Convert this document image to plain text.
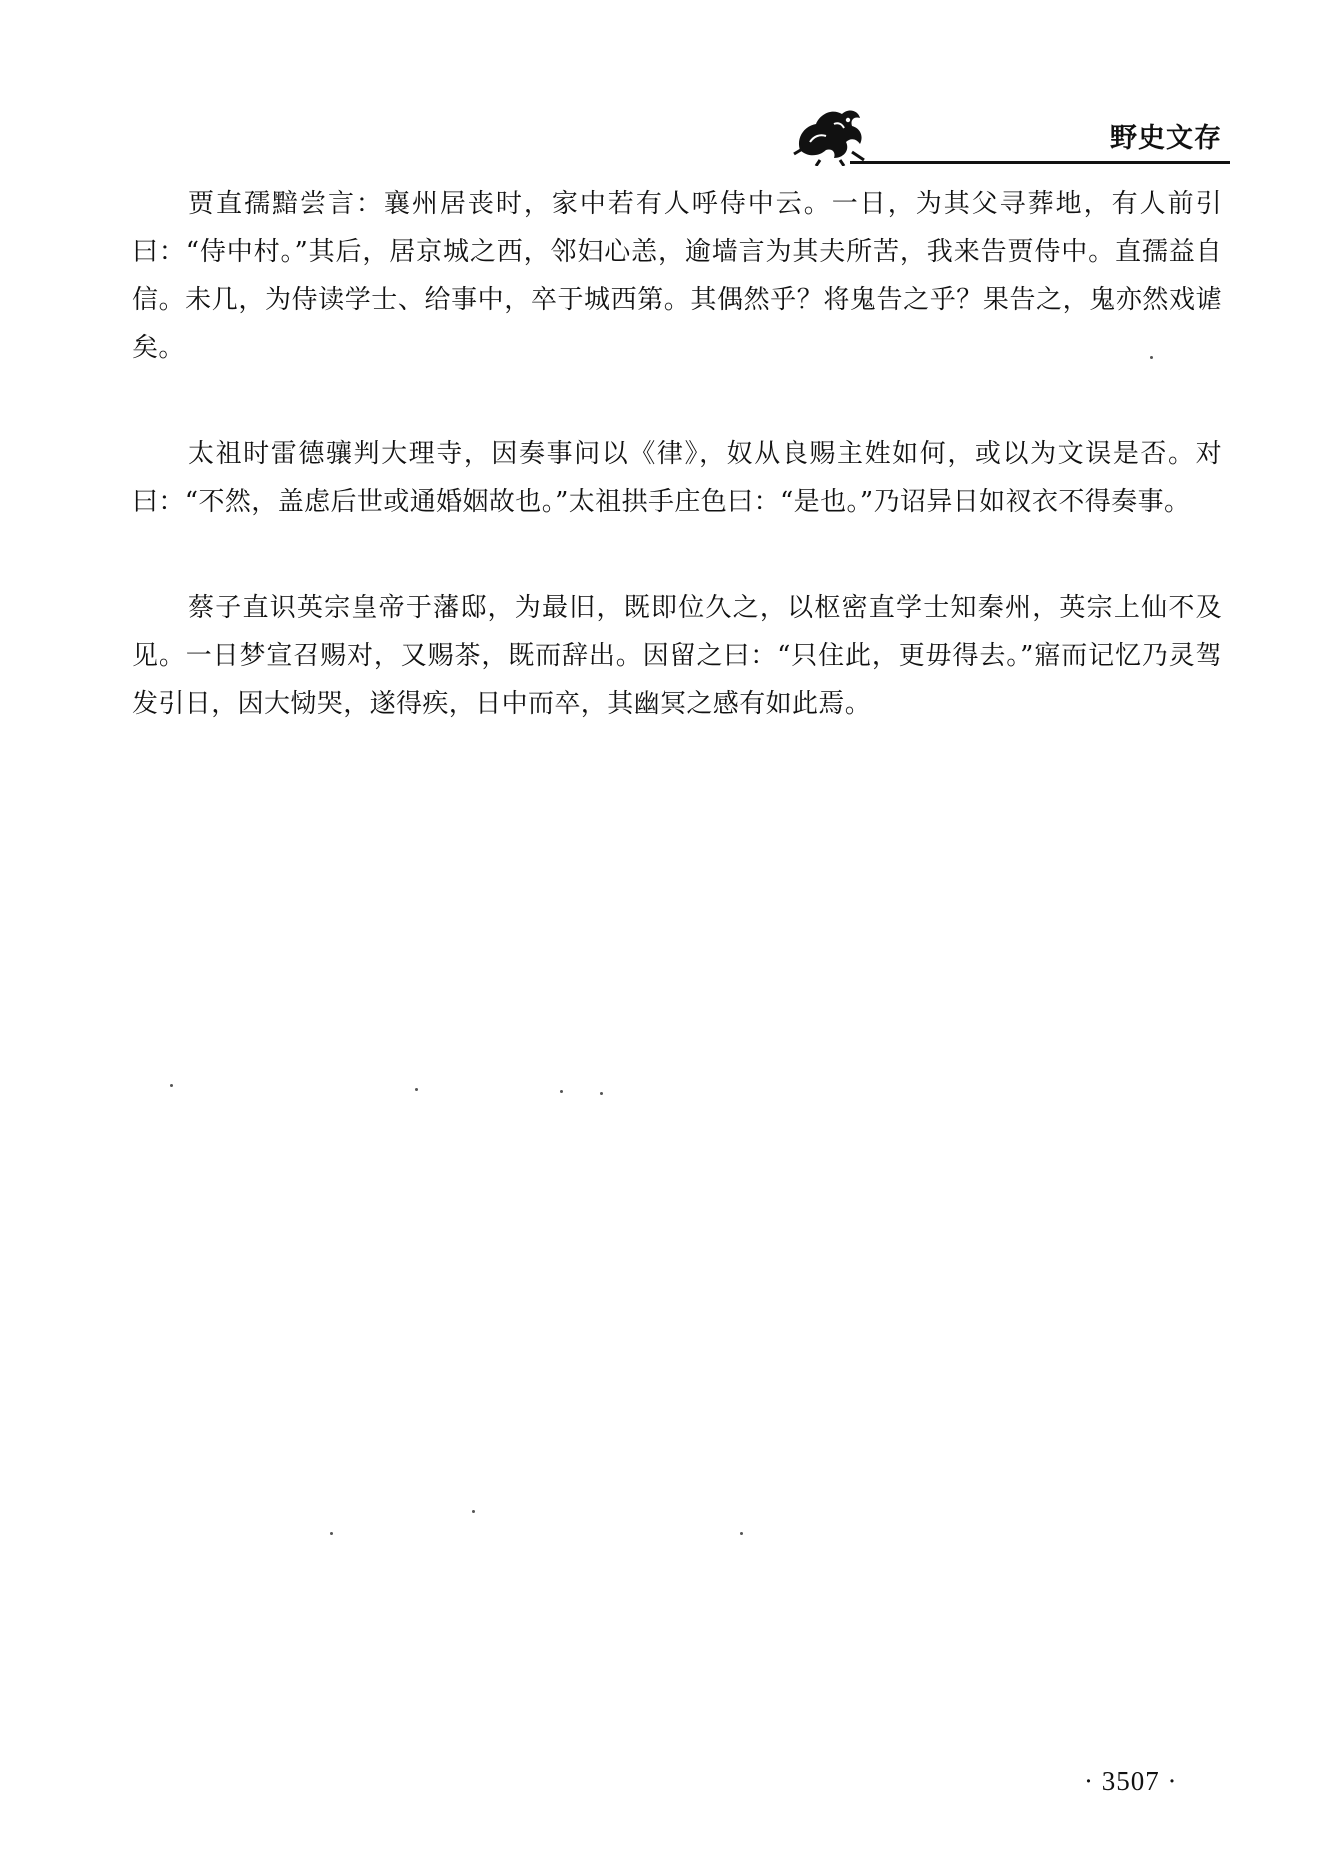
野史文存

贾直孺黯尝言：襄州居丧时，家中若有人呼侍中云。一日，为其父寻葬地，有人前引曰：“侍中村。”其后，居京城之西，邻妇心恙，逾墙言为其夫所苦，我来告贾侍中。直孺益自信。未几，为侍读学士、给事中，卒于城西第。其偶然乎？将鬼告之乎？果告之，鬼亦然戏谑矣。

太祖时雷德骧判大理寺，因奏事问以《律》，奴从良赐主姓如何，或以为文误是否。对曰：“不然，盖虑后世或通婚姻故也。”太祖拱手庄色曰：“是也。”乃诏异日如衩衣不得奏事。

蔡子直识英宗皇帝于藩邸，为最旧，既即位久之，以枢密直学士知秦州，英宗上仙不及见。一日梦宣召赐对，又赐茶，既而辞出。因留之曰：“只住此，更毋得去。”寤而记忆乃灵驾发引日，因大恸哭，遂得疾，日中而卒，其幽冥之感有如此焉。

· 3507 ·
